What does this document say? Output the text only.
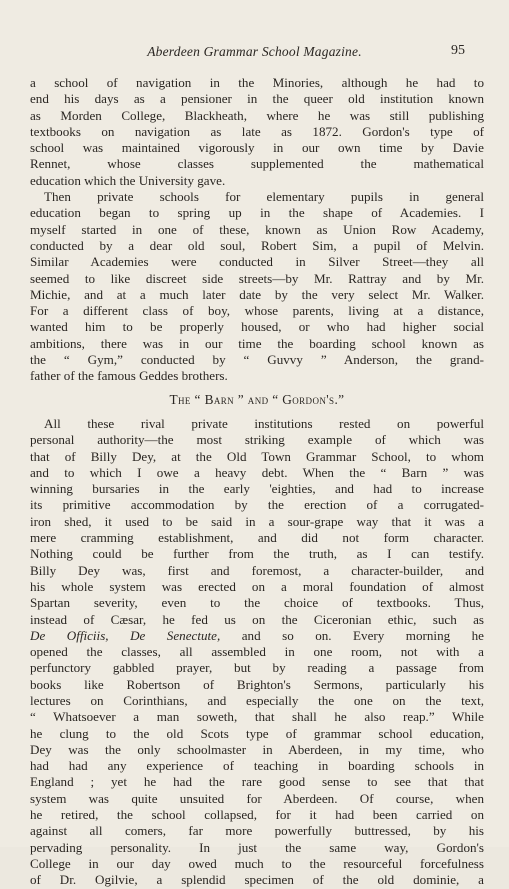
Aberdeen Grammar School Magazine.	95

a school of navigation in the Minories, although he had to
end his days as a pensioner in the queer old institution known
as Morden College, Blackheath, where he was still publishing
textbooks on navigation as late as 1872. Gordon's type of
school was maintained vigorously in our own time by Davie
Rennet, whose classes supplemented the mathematical
education which the University gave.

Then private schools for elementary pupils in general
education began to spring up in the shape of Academies. I
myself started in one of these, known as Union Row Academy,
conducted by a dear old soul, Robert Sim, a pupil of Melvin.
Similar Academies were conducted in Silver Street—they all
seemed to like discreet side streets—by Mr. Rattray and by Mr.
Michie, and at a much later date by the very select Mr. Walker.
For a different class of boy, whose parents, living at a distance,
wanted him to be properly housed, or who had higher social
ambitions, there was in our time the boarding school known as
the “ Gym,” conducted by “ Guvvy ” Anderson, the grand-
father of the famous Geddes brothers.

The “ Barn ” and “ Gordon's.”

All these rival private institutions rested on powerful
personal authority—the most striking example of which was
that of Billy Dey, at the Old Town Grammar School, to whom
and to which I owe a heavy debt. When the “ Barn ” was
winning bursaries in the early 'eighties, and had to increase
its primitive accommodation by the erection of a corrugated-
iron shed, it used to be said in a sour-grape way that it was a
mere cramming establishment, and did not form character.
Nothing could be further from the truth, as I can testify.
Billy Dey was, first and foremost, a character-builder, and
his whole system was erected on a moral foundation of almost
Spartan severity, even to the choice of textbooks. Thus,
instead of Cæsar, he fed us on the Ciceronian ethic, such as
De Officiis, De Senectute, and so on. Every morning he
opened the classes, all assembled in one room, not with a
perfunctory gabbled prayer, but by reading a passage from
books like Robertson of Brighton's Sermons, particularly his
lectures on Corinthians, and especially the one on the text,
“ Whatsoever a man soweth, that shall he also reap.” While
he clung to the old Scots type of grammar school education,
Dey was the only schoolmaster in Aberdeen, in my time, who
had had any experience of teaching in boarding schools in
England ; yet he had the rare good sense to see that that
system was quite unsuited for Aberdeen. Of course, when
he retired, the school collapsed, for it had been carried on
against all comers, far more powerfully buttressed, by his
pervading personality. In just the same way, Gordon's
College in our day owed much to the resourceful forcefulness
of Dr. Ogilvie, a splendid specimen of the old dominie, a
